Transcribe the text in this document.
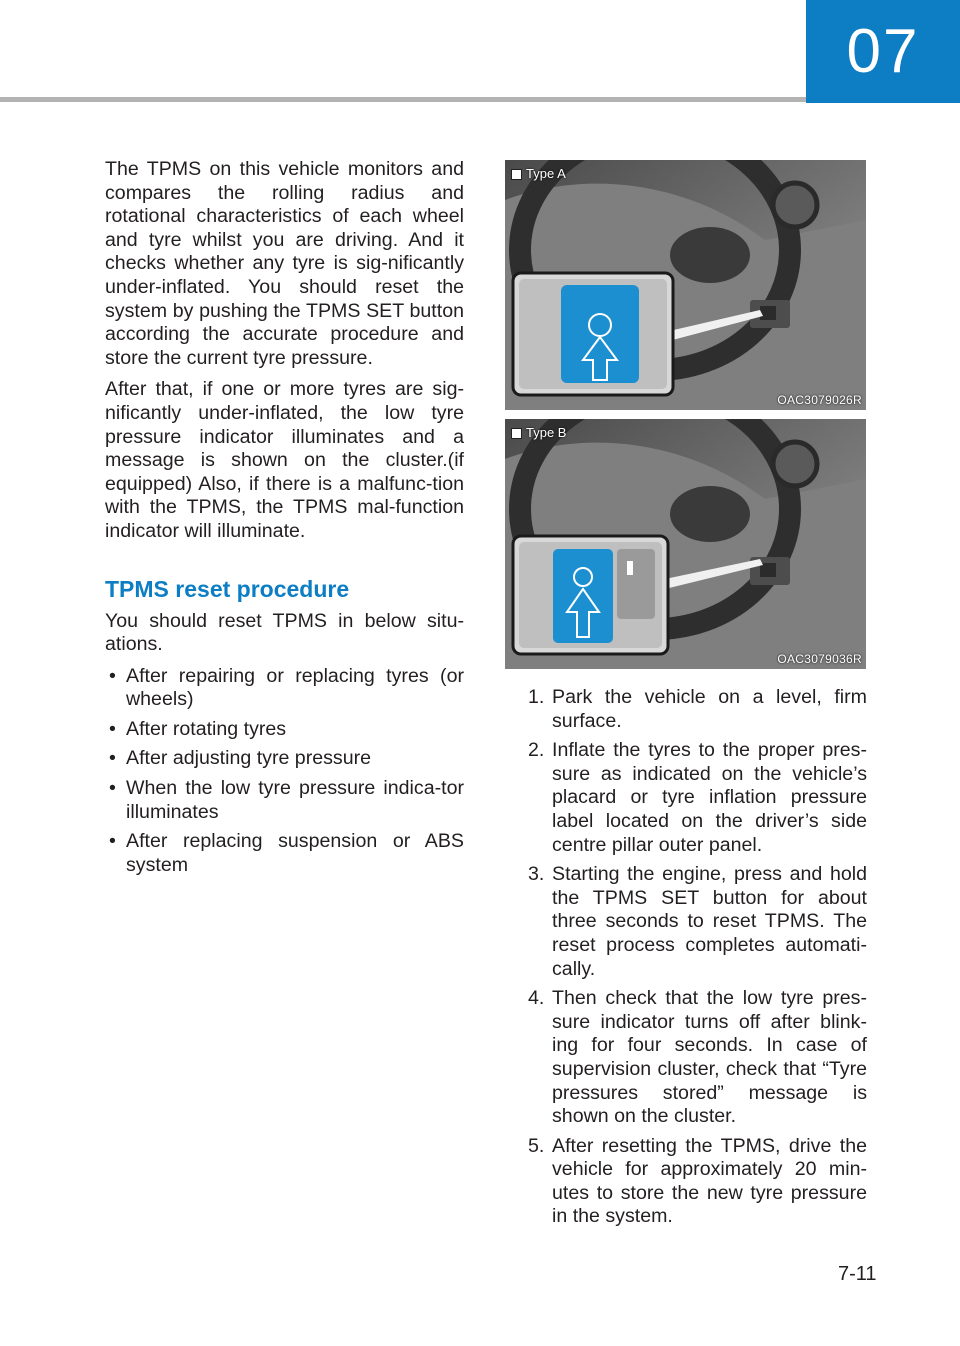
07

The TPMS on this vehicle monitors and compares the rolling radius and rotational characteristics of each wheel and tyre whilst you are driving. And it checks whether any tyre is sig-nificantly under-inflated. You should reset the system by pushing the TPMS SET button according the accurate procedure and store the current tyre pressure.

After that, if one or more tyres are sig-nificantly under-inflated, the low tyre pressure indicator illuminates and a message is shown on the cluster.(if equipped) Also, if there is a malfunc-tion with the TPMS, the TPMS mal-function indicator will illuminate.

TPMS reset procedure

You should reset TPMS in below situ-ations.

• After repairing or replacing tyres (or wheels)
• After rotating tyres
• After adjusting tyre pressure
• When the low tyre pressure indica-tor illuminates
• After replacing suspension or ABS system
Type A
OAC3079026R
Type B
OAC3079036R
1. Park the vehicle on a level, firm surface.
2. Inflate the tyres to the proper pres-sure as indicated on the vehicle’s placard or tyre inflation pressure label located on the driver’s side centre pillar outer panel.
3. Starting the engine, press and hold the TPMS SET button for about three seconds to reset TPMS. The reset process completes automati-cally.
4. Then check that the low tyre pres-sure indicator turns off after blink-ing for four seconds. In case of supervision cluster, check that “Tyre pressures stored” message is shown on the cluster.
5. After resetting the TPMS, drive the vehicle for approximately 20 min-utes to store the new tyre pressure in the system.
7-11
